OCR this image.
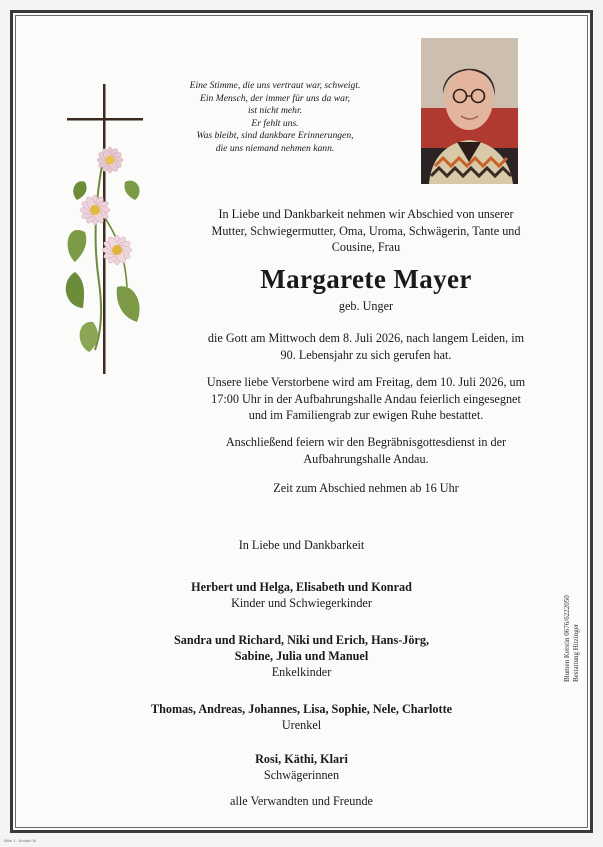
Eine Stimme, die uns vertraut war, schweigt.
Ein Mensch, der immer für uns da war,
ist nicht mehr.
Er fehlt uns.
Was bleibt, sind dankbare Erinnerungen,
die uns niemand nehmen kann.
In Liebe und Dankbarkeit nehmen wir Abschied von unserer
Mutter, Schwiegermutter, Oma, Uroma, Schwägerin, Tante und
Cousine, Frau
Margarete Mayer
geb. Unger
die Gott am Mittwoch dem 8. Juli 2026, nach langem Leiden, im
90. Lebensjahr zu sich gerufen hat.
Unsere liebe Verstorbene wird am Freitag, dem 10. Juli 2026, um
17:00 Uhr in der Aufbahrungshalle Andau feierlich eingesegnet
und im Familiengrab zur ewigen Ruhe bestattet.
Anschließend feiern wir den Begräbnisgottesdienst in der
Aufbahrungshalle Andau.
Zeit zum Abschied nehmen ab 16 Uhr
In Liebe und Dankbarkeit
Herbert und Helga, Elisabeth und Konrad
Kinder und Schwiegerkinder
Sandra und Richard, Niki und Erich, Hans-Jörg,
Sabine, Julia und Manuel
Enkelkinder
Thomas, Andreas, Johannes, Lisa, Sophie, Nele, Charlotte
Urenkel
Rosi, Käthi, Klari
Schwägerinnen
alle Verwandten und Freunde
Blumen Kerstin 0676/6222050 Bestattung Hitzinger
Bitte 1 - Andau 06
